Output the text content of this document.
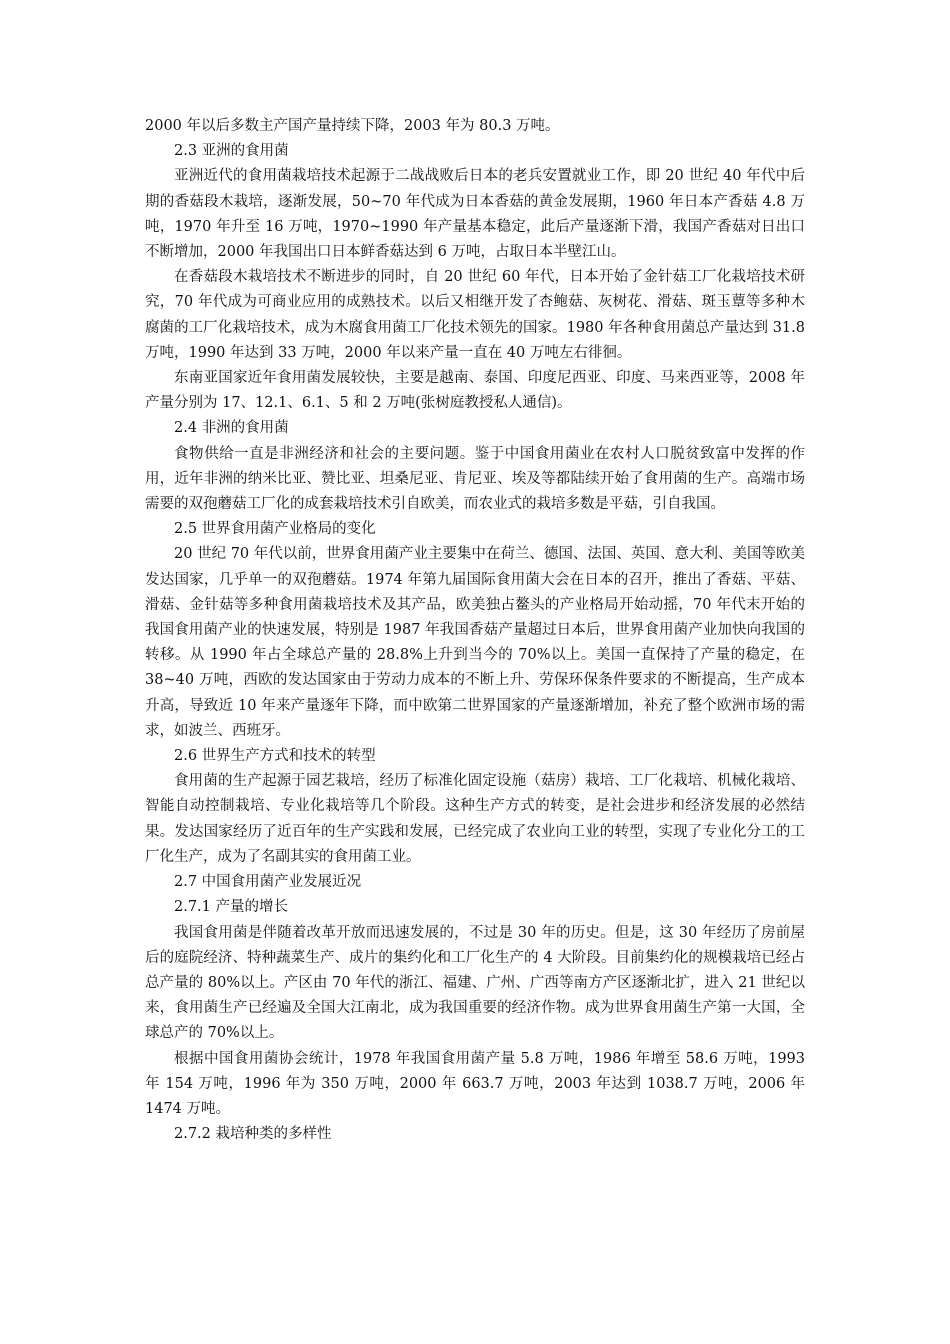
2000 年以后多数主产国产量持续下降，2003 年为 80.3 万吨。

2.3 亚洲的食用菌

亚洲近代的食用菌栽培技术起源于二战战败后日本的老兵安置就业工作，即 20 世纪 40 年代中后期的香菇段木栽培，逐渐发展，50~70 年代成为日本香菇的黄金发展期，1960 年日本产香菇 4.8 万吨，1970 年升至 16 万吨，1970~1990 年产量基本稳定，此后产量逐渐下滑，我国产香菇对日出口不断增加，2000 年我国出口日本鲜香菇达到 6 万吨，占取日本半壁江山。

在香菇段木栽培技术不断进步的同时，自 20 世纪 60 年代，日本开始了金针菇工厂化栽培技术研究，70 年代成为可商业应用的成熟技术。以后又相继开发了杏鲍菇、灰树花、滑菇、斑玉蕈等多种木腐菌的工厂化栽培技术，成为木腐食用菌工厂化技术领先的国家。1980 年各种食用菌总产量达到 31.8 万吨，1990 年达到 33 万吨，2000 年以来产量一直在 40 万吨左右徘徊。

东南亚国家近年食用菌发展较快，主要是越南、泰国、印度尼西亚、印度、马来西亚等，2008 年产量分别为 17、12.1、6.1、5 和 2 万吨(张树庭教授私人通信)。

2.4 非洲的食用菌

食物供给一直是非洲经济和社会的主要问题。鉴于中国食用菌业在农村人口脱贫致富中发挥的作用，近年非洲的纳米比亚、赞比亚、坦桑尼亚、肯尼亚、埃及等都陆续开始了食用菌的生产。高端市场需要的双孢蘑菇工厂化的成套栽培技术引自欧美，而农业式的栽培多数是平菇，引自我国。

2.5 世界食用菌产业格局的变化

20 世纪 70 年代以前，世界食用菌产业主要集中在荷兰、德国、法国、英国、意大利、美国等欧美发达国家，几乎单一的双孢蘑菇。1974 年第九届国际食用菌大会在日本的召开，推出了香菇、平菇、滑菇、金针菇等多种食用菌栽培技术及其产品，欧美独占鳌头的产业格局开始动摇，70 年代末开始的我国食用菌产业的快速发展，特别是 1987 年我国香菇产量超过日本后，世界食用菌产业加快向我国的转移。从 1990 年占全球总产量的 28.8%上升到当今的 70%以上。美国一直保持了产量的稳定，在 38~40 万吨，西欧的发达国家由于劳动力成本的不断上升、劳保环保条件要求的不断提高，生产成本升高，导致近 10 年来产量逐年下降，而中欧第二世界国家的产量逐渐增加，补充了整个欧洲市场的需求，如波兰、西班牙。

2.6 世界生产方式和技术的转型

食用菌的生产起源于园艺栽培，经历了标准化固定设施（菇房）栽培、工厂化栽培、机械化栽培、智能自动控制栽培、专业化栽培等几个阶段。这种生产方式的转变，是社会进步和经济发展的必然结果。发达国家经历了近百年的生产实践和发展，已经完成了农业向工业的转型，实现了专业化分工的工厂化生产，成为了名副其实的食用菌工业。

2.7 中国食用菌产业发展近况

2.7.1 产量的增长

我国食用菌是伴随着改革开放而迅速发展的，不过是 30 年的历史。但是，这 30 年经历了房前屋后的庭院经济、特种蔬菜生产、成片的集约化和工厂化生产的 4 大阶段。目前集约化的规模栽培已经占总产量的 80%以上。产区由 70 年代的浙江、福建、广州、广西等南方产区逐渐北扩，进入 21 世纪以来，食用菌生产已经遍及全国大江南北，成为我国重要的经济作物。成为世界食用菌生产第一大国，全球总产的 70%以上。

根据中国食用菌协会统计，1978 年我国食用菌产量 5.8 万吨，1986 年增至 58.6 万吨，1993 年 154 万吨，1996 年为 350 万吨，2000 年 663.7 万吨，2003 年达到 1038.7 万吨，2006 年 1474 万吨。

2.7.2 栽培种类的多样性
